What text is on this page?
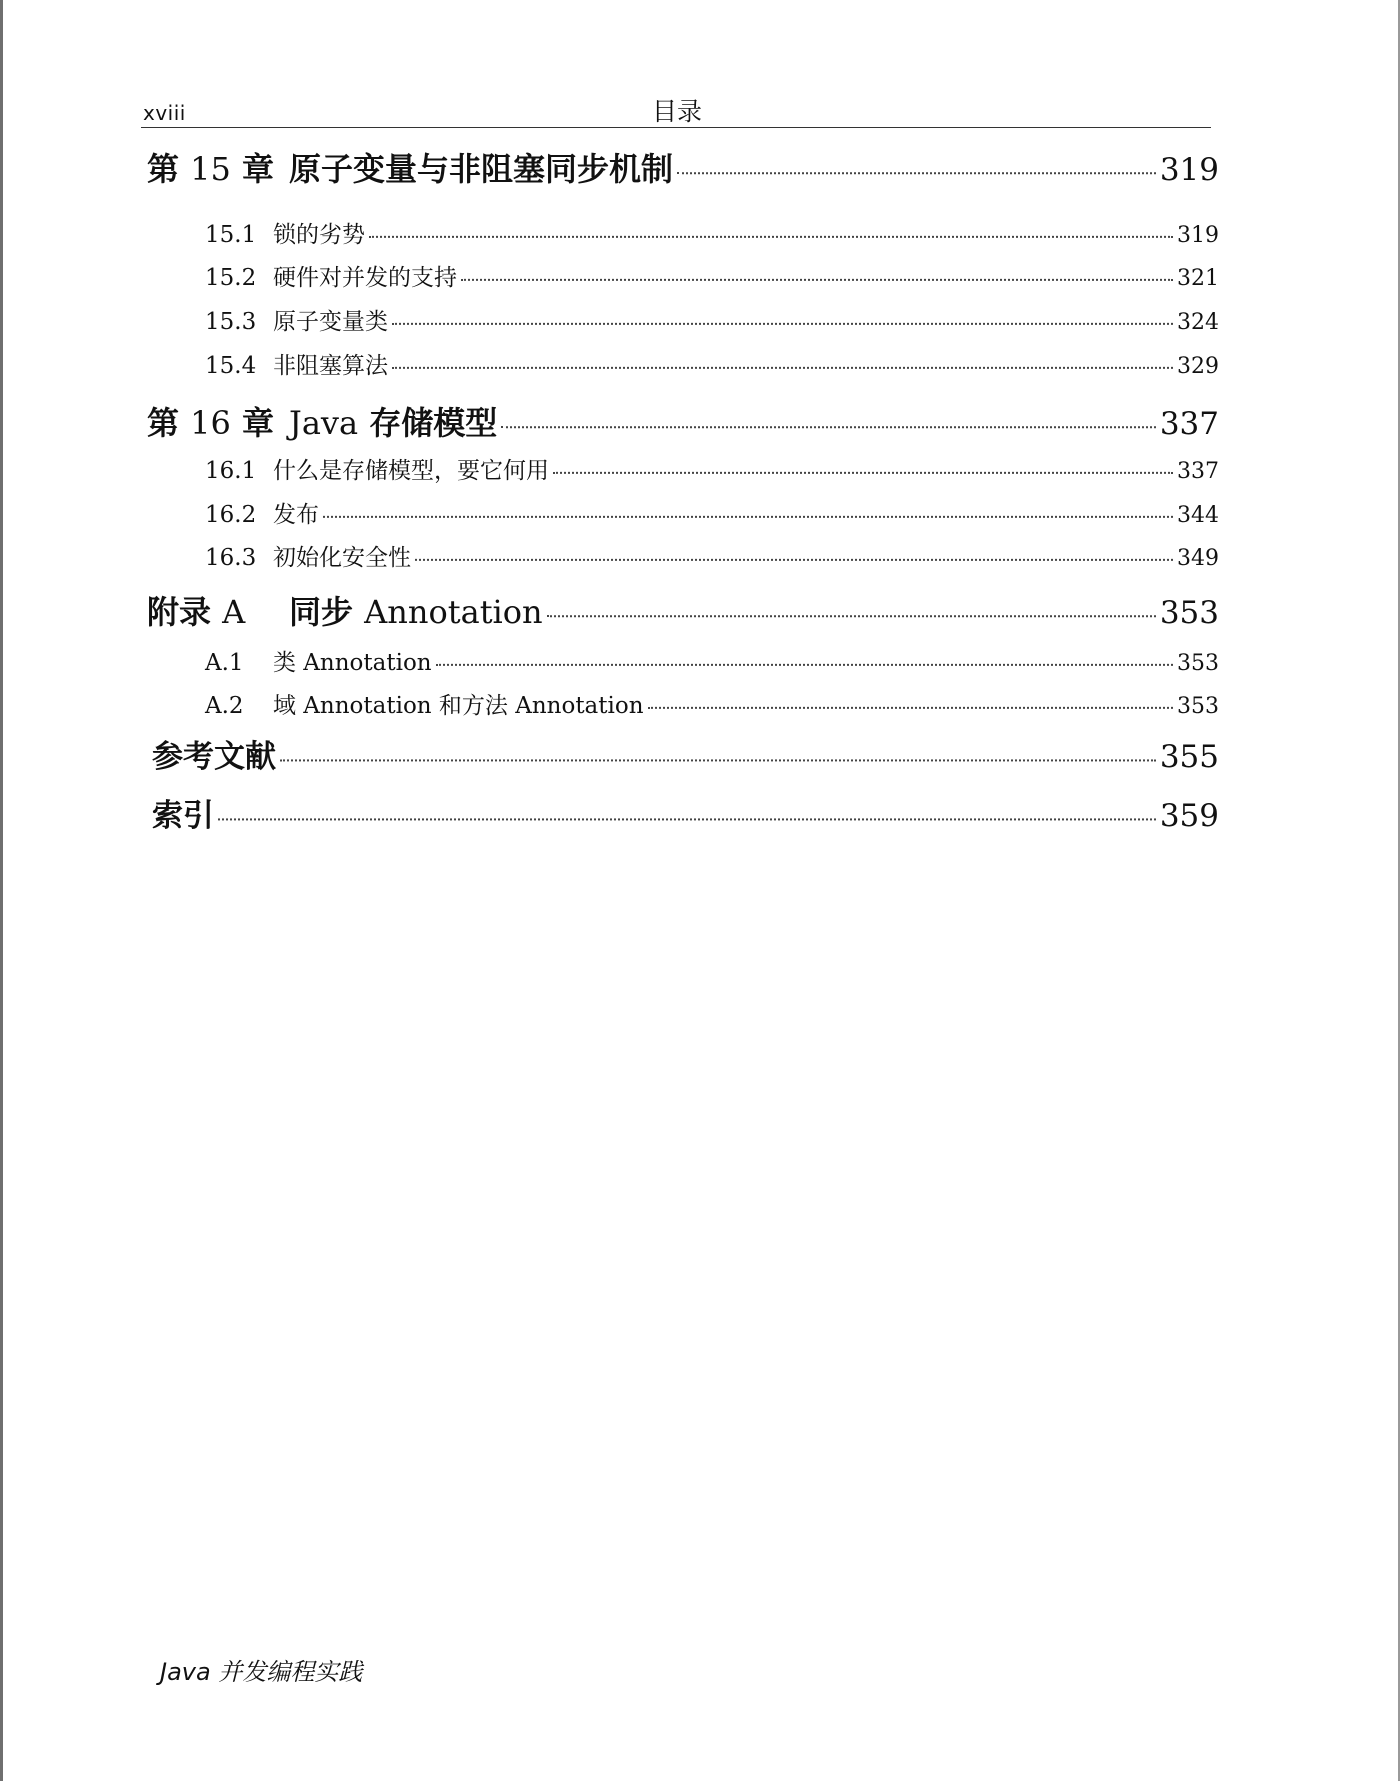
xviii	目录
第 15 章 原子变量与非阻塞同步机制	319
15.1 锁的劣势	319
15.2 硬件对并发的支持	321
15.3 原子变量类	324
15.4 非阻塞算法	329
第 16 章 Java 存储模型	337
16.1 什么是存储模型，要它何用	337
16.2 发布	344
16.3 初始化安全性	349
附录 A	同步 Annotation	353
A.1	类 Annotation	353
A.2	域 Annotation 和方法 Annotation	353
参考文献	355
索引	359
Java 并发编程实践
